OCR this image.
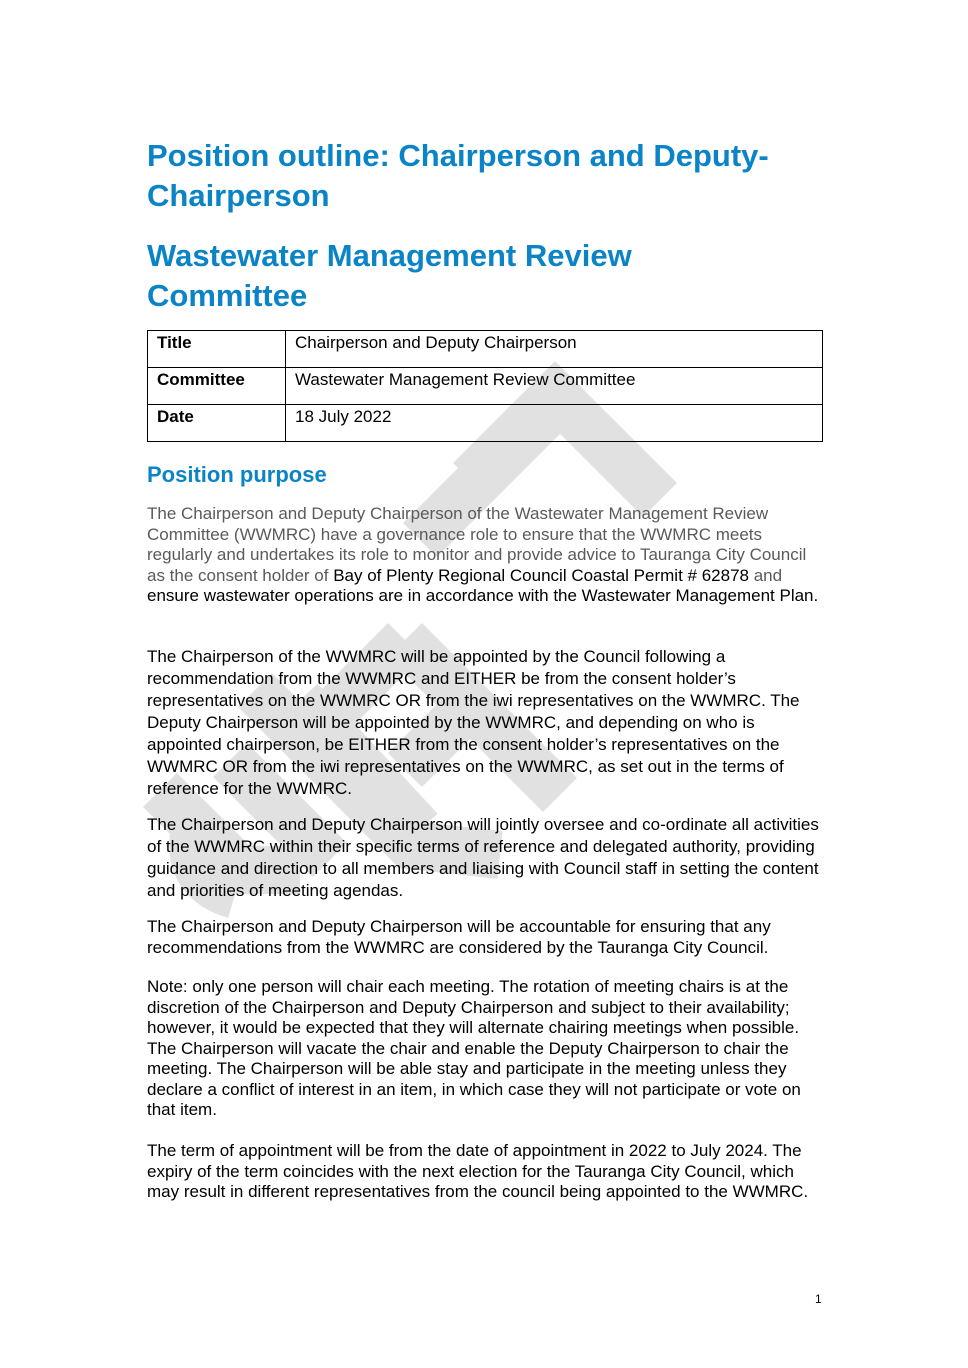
Position outline: Chairperson and Deputy-
Chairperson
Wastewater Management Review
Committee
Title	Chairperson and Deputy Chairperson
Committee	Wastewater Management Review Committee
Date	18 July 2022
Position purpose

The Chairperson and Deputy Chairperson of the Wastewater Management Review Committee (WWMRC) have a governance role to ensure that the WWMRC meets regularly and undertakes its role to monitor and provide advice to Tauranga City Council as the consent holder of Bay of Plenty Regional Council Coastal Permit # 62878 and ensure wastewater operations are in accordance with the Wastewater Management Plan.

The Chairperson of the WWMRC will be appointed by the Council following a recommendation from the WWMRC and EITHER be from the consent holder’s representatives on the WWMRC OR from the iwi representatives on the WWMRC. The Deputy Chairperson will be appointed by the WWMRC, and depending on who is appointed chairperson, be EITHER from the consent holder’s representatives on the WWMRC OR from the iwi representatives on the WWMRC, as set out in the terms of reference for the WWMRC.

The Chairperson and Deputy Chairperson will jointly oversee and co-ordinate all activities of the WWMRC within their specific terms of reference and delegated authority, providing guidance and direction to all members and liaising with Council staff in setting the content and priorities of meeting agendas.

The Chairperson and Deputy Chairperson will be accountable for ensuring that any recommendations from the WWMRC are considered by the Tauranga City Council.

Note: only one person will chair each meeting. The rotation of meeting chairs is at the discretion of the Chairperson and Deputy Chairperson and subject to their availability; however, it would be expected that they will alternate chairing meetings when possible. The Chairperson will vacate the chair and enable the Deputy Chairperson to chair the meeting. The Chairperson will be able stay and participate in the meeting unless they declare a conflict of interest in an item, in which case they will not participate or vote on that item.

The term of appointment will be from the date of appointment in 2022 to July 2024. The expiry of the term coincides with the next election for the Tauranga City Council, which may result in different representatives from the council being appointed to the WWMRC.

1
